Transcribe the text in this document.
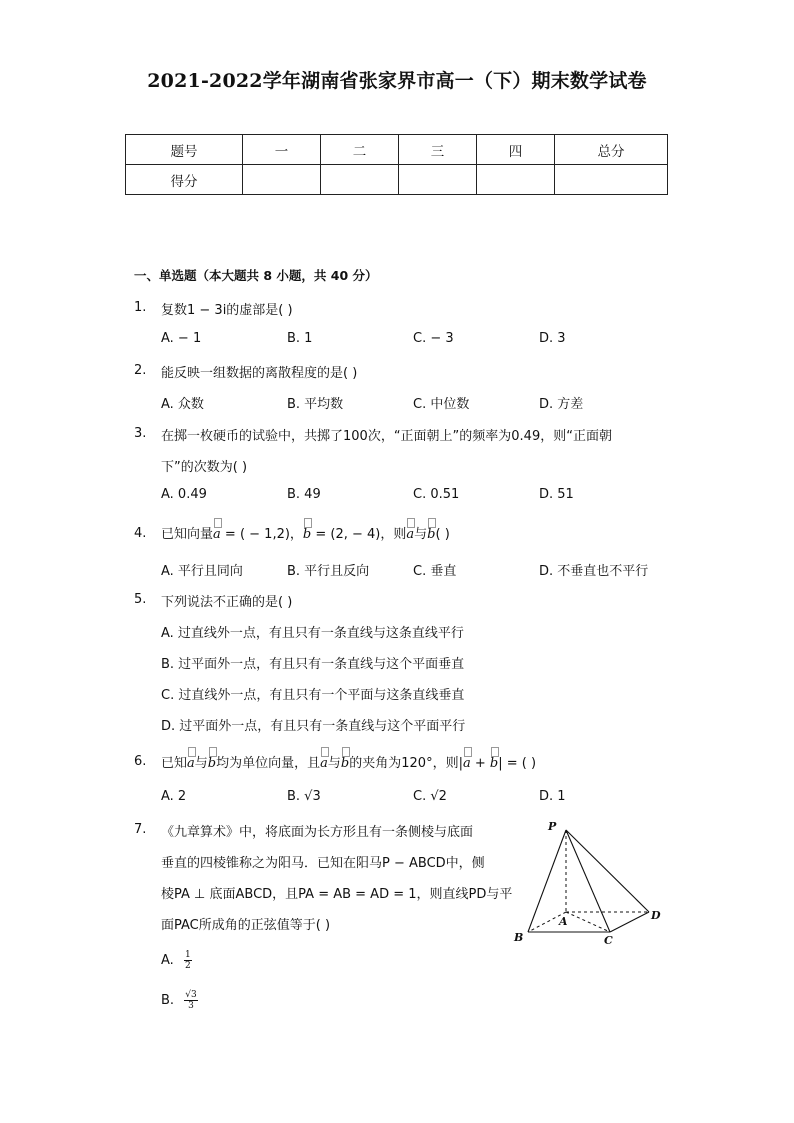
2021-2022学年湖南省张家界市高一（下）期末数学试卷
题号	一	二	三	四	总分
得分					
一、单选题（本大题共 8 小题，共 40 分）
1. 复数1 − 3i的虚部是( )
A. − 1	B. 1	C. − 3	D. 3
2. 能反映一组数据的离散程度的是( )
A. 众数	B. 平均数	C. 中位数	D. 方差
3. 在掷一枚硬币的试验中，共掷了100次，“正面朝上”的频率为0.49，则“正面朝
下”的次数为( )
A. 0.49	B. 49	C. 0.51	D. 51
4. 已知向量
a = ( − 1,2)，
b = (2, − 4)，则
a与
b( )
A. 平行且同向	B. 平行且反向	C. 垂直	D. 不垂直也不平行
5. 下列说法不正确的是( )
A. 过直线外一点，有且只有一条直线与这条直线平行
B. 过平面外一点，有且只有一条直线与这个平面垂直
C. 过直线外一点，有且只有一个平面与这条直线垂直
D. 过平面外一点，有且只有一条直线与这个平面平行
6. 已知
a与
b均为单位向量，且
a与
b的夹角为120°，则|
a +
b| = ( )
A. 2	B. √3	C. √2	D. 1
7. 《九章算术》中，将底面为长方形且有一条侧棱与底面
垂直的四棱锥称之为阳马．已知在阳马P − ABCD中，侧
棱PA ⊥ 底面ABCD，且PA = AB = AD = 1，则直线PD与平
面PAC所成角的正弦值等于( )
A. $\frac{1}{2}$
B. $\frac{√3}{3}$
P
A
B	C
D
